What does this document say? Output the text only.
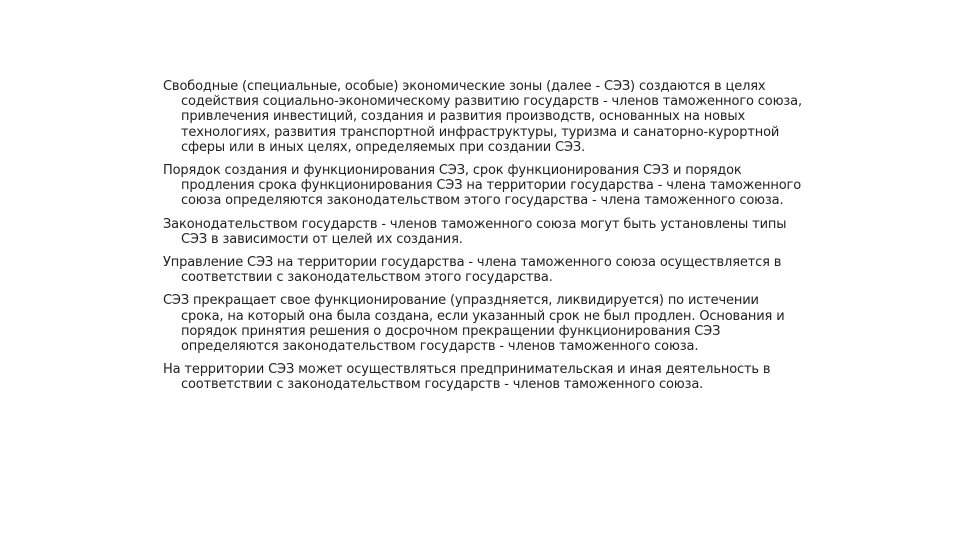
Свободные (специальные, особые) экономические зоны (далее - СЭЗ) создаются в целях содействия социально-экономическому развитию государств - членов таможенного союза, привлечения инвестиций, создания и развития производств, основанных на новых технологиях, развития транспортной инфраструктуры, туризма и санаторно-курортной сферы или в иных целях, определяемых при создании СЭЗ.

Порядок создания и функционирования СЭЗ, срок функционирования СЭЗ и порядок продления срока функционирования СЭЗ на территории государства - члена таможенного союза определяются законодательством этого государства - члена таможенного союза.

Законодательством государств - членов таможенного союза могут быть установлены типы СЭЗ в зависимости от целей их создания.

Управление СЭЗ на территории государства - члена таможенного союза осуществляется в соответствии с законодательством этого государства.

СЭЗ прекращает свое функционирование (упраздняется, ликвидируется) по истечении срока, на который она была создана, если указанный срок не был продлен. Основания и порядок принятия решения о досрочном прекращении функционирования СЭЗ определяются законодательством государств - членов таможенного союза.

На территории СЭЗ может осуществляться предпринимательская и иная деятельность в соответствии с законодательством государств - членов таможенного союза.
